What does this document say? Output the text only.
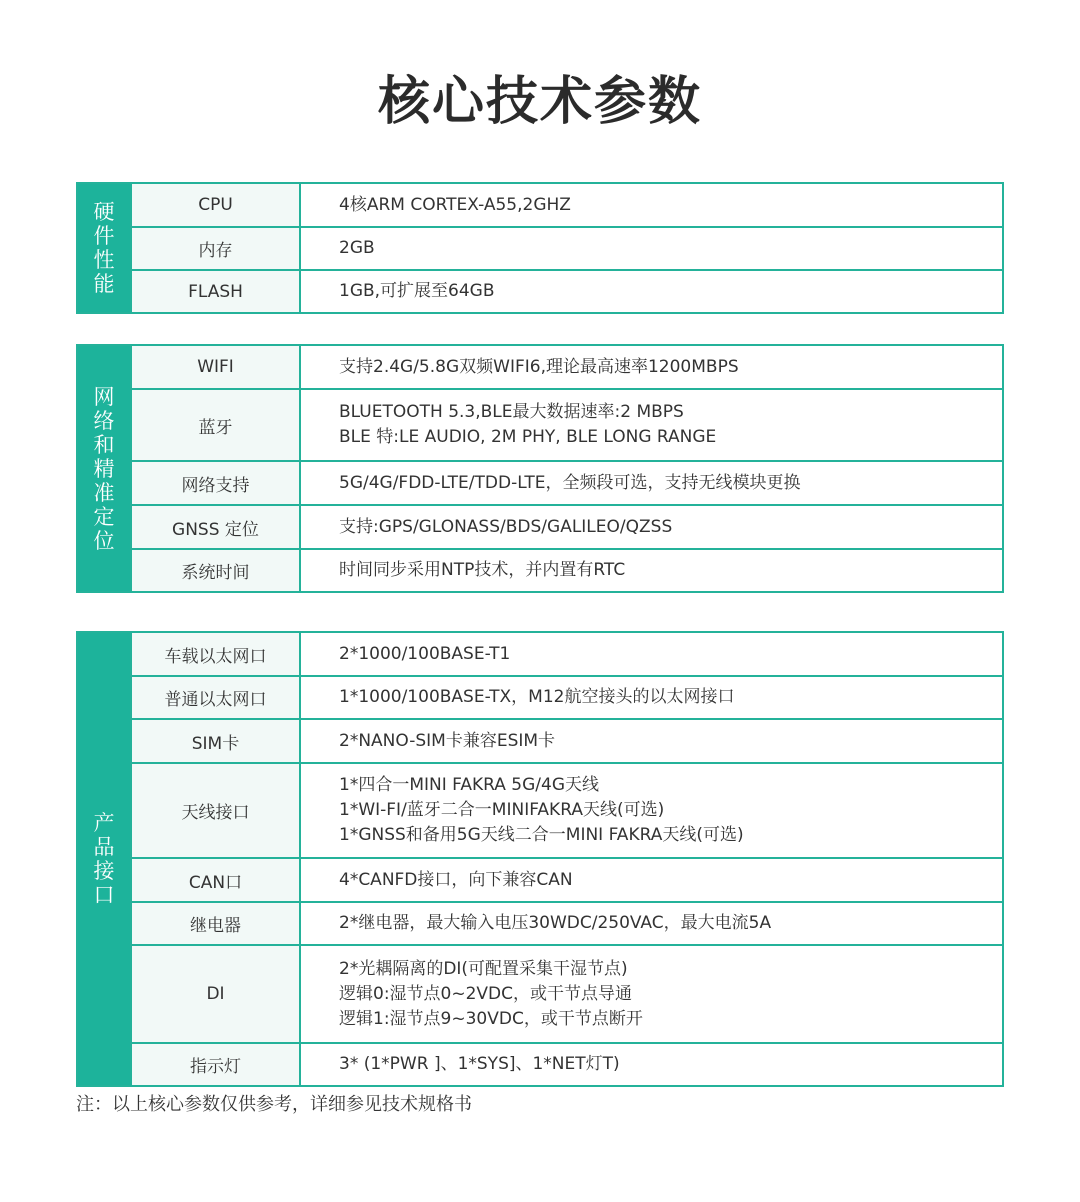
核心技术参数
硬件性能	CPU	4核ARM CORTEX-A55,2GHZ

	内存	2GB

	FLASH	1GB,可扩展至64GB
网络和精准定位	WIFI	支持2.4G/5.8G双频WIFI6,理论最高速率1200MBPS

	蓝牙	BLUETOOTH 5.3,BLE最大数据速率:2 MBPS
BLE 特:LE AUDIO, 2M PHY, BLE LONG RANGE

	网络支持	5G/4G/FDD-LTE/TDD-LTE，全频段可选，支持无线模块更换

	GNSS 定位	支持:GPS/GLONASS/BDS/GALILEO/QZSS

	系统时间	时间同步采用NTP技术，并内置有RTC
产品接口	车载以太网口	2*1000/100BASE-T1

	普通以太网口	1*1000/100BASE-TX，M12航空接头的以太网接口

	SIM卡	2*NANO-SIM卡兼容ESIM卡

	天线接口	1*四合一MINI FAKRA 5G/4G天线
1*WI-FI/蓝牙二合一MINIFAKRA天线(可选)
1*GNSS和备用5G天线二合一MINI FAKRA天线(可选)

	CAN口	4*CANFD接口，向下兼容CAN

	继电器	2*继电器，最大输入电压30WDC/250VAC，最大电流5A

	DI	2*光耦隔离的DI(可配置采集干湿节点)
逻辑0:湿节点0~2VDC，或干节点导通
逻辑1:湿节点9~30VDC，或干节点断开

	指示灯	3* (1*PWR ]、1*SYS]、1*NET灯T)
注：以上核心参数仅供参考，详细参见技术规格书
